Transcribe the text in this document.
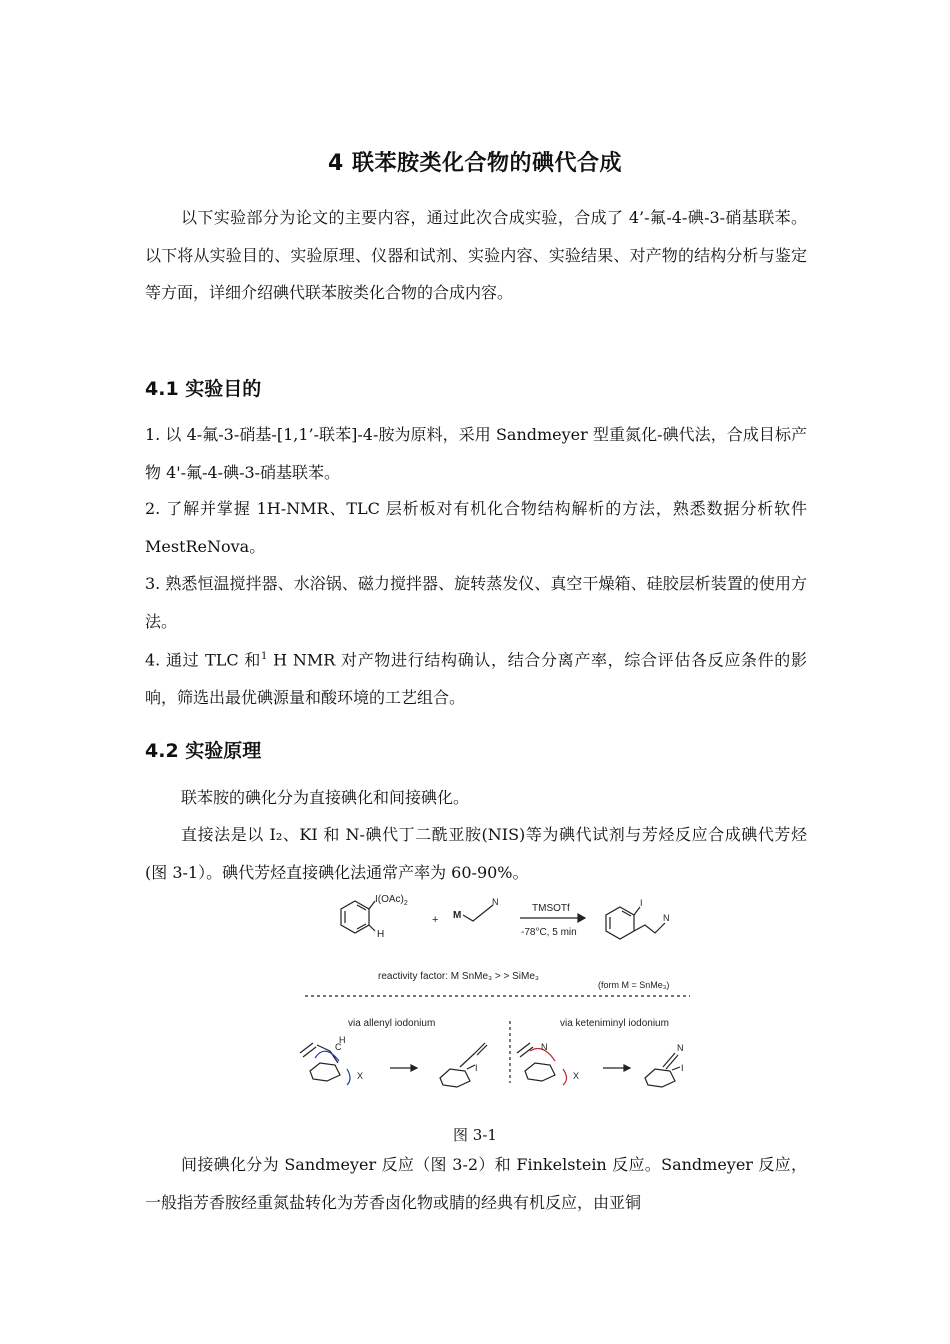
4 联苯胺类化合物的碘代合成
以下实验部分为论文的主要内容，通过此次合成实验，合成了 4’-氟-4-碘-3-硝基联苯。以下将从实验目的、实验原理、仪器和试剂、实验内容、实验结果、对产物的结构分析与鉴定等方面，详细介绍碘代联苯胺类化合物的合成内容。
4.1 实验目的
1. 以 4-氟-3-硝基-[1,1’-联苯]-4-胺为原料，采用 Sandmeyer 型重氮化-碘代法，合成目标产物 4'-氟-4-碘-3-硝基联苯。
2. 了解并掌握 1H-NMR、TLC 层析板对有机化合物结构解析的方法，熟悉数据分析软件 MestReNova。
3. 熟悉恒温搅拌器、水浴锅、磁力搅拌器、旋转蒸发仪、真空干燥箱、硅胶层析装置的使用方法。
4. 通过 TLC 和$^1$ H NMR 对产物进行结构确认，结合分离产率，综合评估各反应条件的影响，筛选出最优碘源量和酸环境的工艺组合。
4.2 实验原理
联苯胺的碘化分为直接碘化和间接碘化。
直接法是以 I₂、KI 和 N-碘代丁二酰亚胺(NIS)等为碘代试剂与芳烃反应合成碘代芳烃(图 3-1）。碘代芳烃直接碘化法通常产率为 60-90%。
$I(OAc)_2$
H
+ M
N
TMSOTf
-78°C, 5 min
I
N
reactivity factor: M SnMe₃ > > SiMe₃
(form M = SnMe₃)
via allenyl iodonium	via keteniminyl iodonium
C
H
X
I
N
X
N
I
图 3-1
间接碘化分为 Sandmeyer 反应（图 3-2）和 Finkelstein 反应。Sandmeyer 反应，一般指芳香胺经重氮盐转化为芳香卤化物或腈的经典有机反应，由亚铜
